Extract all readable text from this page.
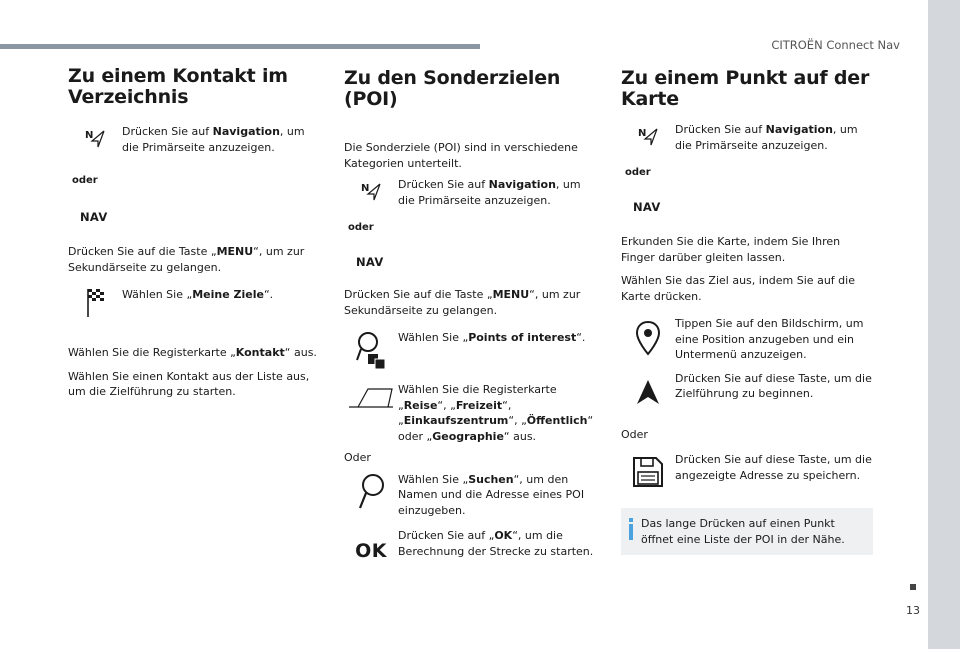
CITROËN Connect Nav
13
Zu einem Kontakt im Verzeichnis
N	Drücken Sie auf Navigation, um die Primärseite anzuzeigen.

oder
NAV

Drücken Sie auf die Taste „MENU“, um zur Sekundärseite zu gelangen.

Wählen Sie „Meine Ziele“.

Wählen Sie die Registerkarte „Kontakt“ aus.

Wählen Sie einen Kontakt aus der Liste aus, um die Zielführung zu starten.

Zu den Sonderzielen (POI)

Die Sonderziele (POI) sind in verschiedene Kategorien unterteilt.

N	Drücken Sie auf Navigation, um die Primärseite anzuzeigen.

oder
NAV

Drücken Sie auf die Taste „MENU“, um zur Sekundärseite zu gelangen.

Wählen Sie „Points of interest“.

Wählen Sie die Registerkarte „Reise“, „Freizeit“, „Einkaufszentrum“, „Öffentlich“ oder „Geographie“ aus.

Oder

Wählen Sie „Suchen“, um den Namen und die Adresse eines POI einzugeben.

OK

Drücken Sie auf „OK“, um die Berechnung der Strecke zu starten.

Zu einem Punkt auf der Karte
N	Drücken Sie auf Navigation, um die Primärseite anzuzeigen.

oder
NAV

Erkunden Sie die Karte, indem Sie Ihren Finger darüber gleiten lassen.

Wählen Sie das Ziel aus, indem Sie auf die Karte drücken.

Tippen Sie auf den Bildschirm, um eine Position anzugeben und ein Untermenü anzuzeigen.

Drücken Sie auf diese Taste, um die Zielführung zu beginnen.

Oder

Drücken Sie auf diese Taste, um die angezeigte Adresse zu speichern.

Das lange Drücken auf einen Punkt öffnet eine Liste der POI in der Nähe.
